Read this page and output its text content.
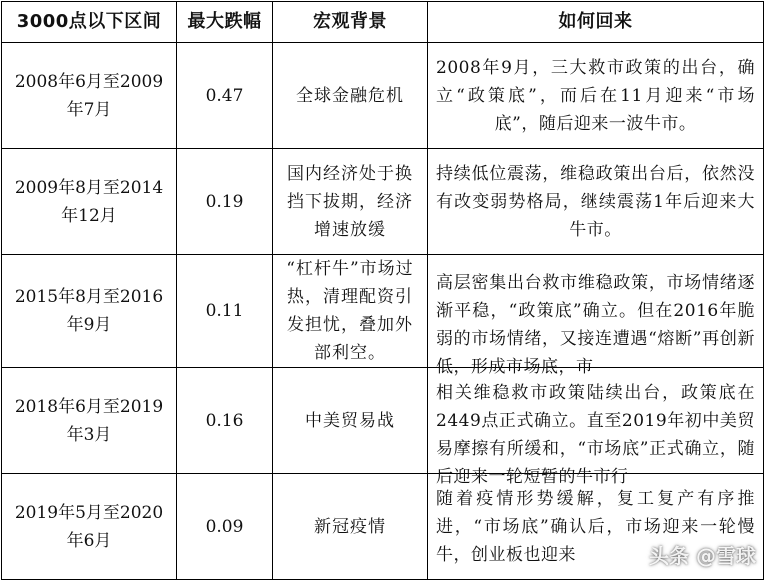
3000点以下区间	最大跌幅	宏观背景	如何回来
2008年6月至2009年7月	0.47	全球金融危机	2008年9月，三大救市政策的出台，确立“政策底”，而后在11月迎来“市场底”，随后迎来一波牛市。

2009年8月至2014年12月	0.19	国内经济处于换挡下拔期，经济增速放缓	持续低位震荡，维稳政策出台后，依然没有改变弱势格局，继续震荡1年后迎来大牛市。

2015年8月至2016年9月	0.11	“杠杆牛”市场过热，清理配资引发担忧，叠加外部利空。	高层密集出台救市维稳政策，市场情绪逐渐平稳，“政策底”确立。但在2016年脆弱的市场情绪，又接连遭遇“熔断”再创新低，形成市场底，市

2018年6月至2019年3月	0.16	中美贸易战	相关维稳救市政策陆续出台，政策底在2449点正式确立。直至2019年初中美贸易摩擦有所缓和，“市场底”正式确立，随后迎来一轮短暂的牛市行

2019年5月至2020年6月	0.09	新冠疫情	随着疫情形势缓解，复工复产有序推进，“市场底”确认后，市场迎来一轮慢牛，创业板也迎来	头条 @雪球
